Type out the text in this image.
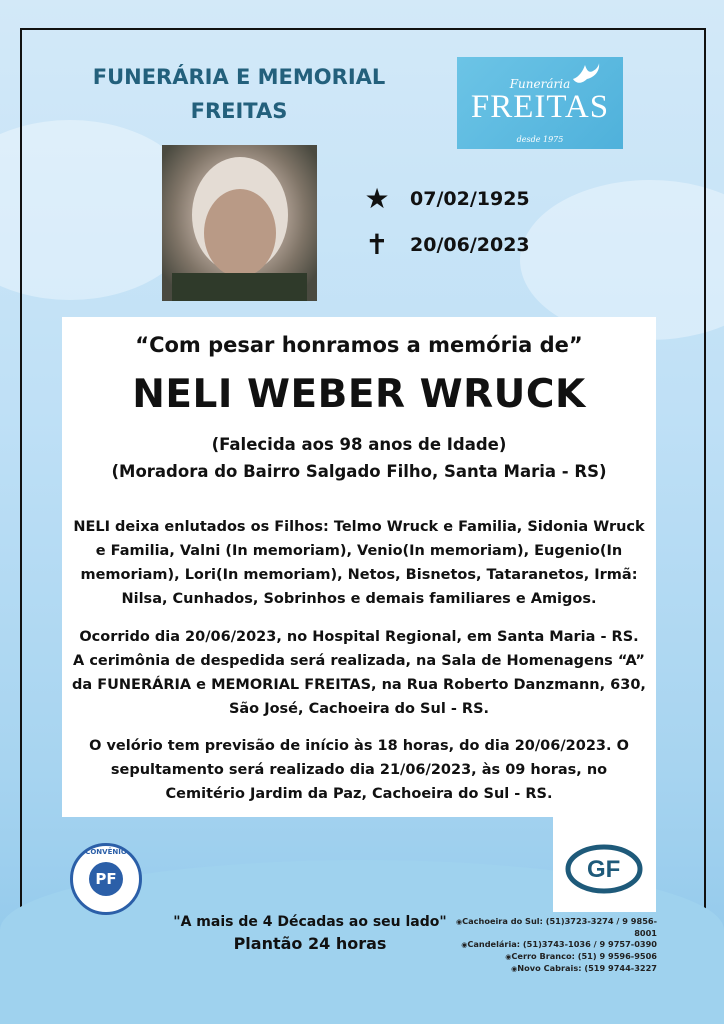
FUNERÁRIA E MEMORIAL FREITAS
Funerária
FREITAS
desde 1975
★ 07/02/1925
✝ 20/06/2023
“Com pesar honramos a memória de”
NELI WEBER WRUCK
(Falecida aos 98 anos de Idade)
(Moradora do Bairro Salgado Filho, Santa Maria - RS)
NELI deixa enlutados os Filhos: Telmo Wruck e Familia, Sidonia Wruck e Familia, Valni (In memoriam), Venio(In memoriam), Eugenio(In memoriam), Lori(In memoriam), Netos, Bisnetos, Tataranetos, Irmã: Nilsa, Cunhados, Sobrinhos e demais familiares e Amigos.
Ocorrido dia 20/06/2023, no Hospital Regional, em Santa Maria - RS. A cerimônia de despedida será realizada, na Sala de Homenagens “A” da FUNERÁRIA e MEMORIAL FREITAS, na Rua Roberto Danzmann, 630, São José, Cachoeira do Sul - RS.
O velório tem previsão de início às 18 horas, do dia 20/06/2023. O sepultamento será realizado dia 21/06/2023, às 09 horas, no Cemitério Jardim da Paz, Cachoeira do Sul - RS.
CONVÊNIO
PF	GF
"A mais de 4 Décadas ao seu lado"
Plantão 24 horas
◉ Cachoeira do Sul: (51)3723-3274 / 9 9856-8001
◉ Candelária: (51)3743-1036 / 9 9757-0390
◉ Cerro Branco: (51) 9 9596-9506
◉ Novo Cabrais: (519 9744-3227
